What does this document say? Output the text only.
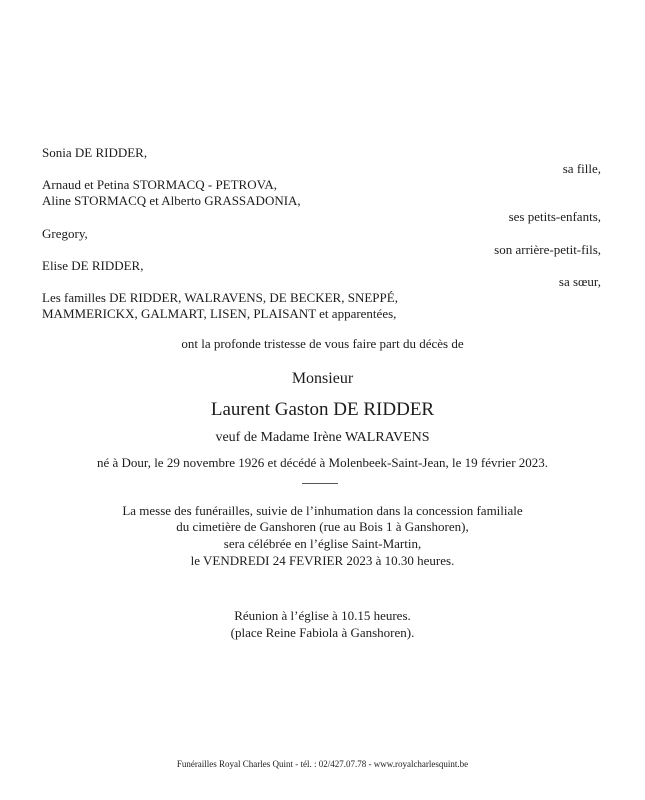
Sonia DE RIDDER,
sa fille,
Arnaud et Petina STORMACQ - PETROVA,
Aline STORMACQ et Alberto GRASSADONIA,
ses petits-enfants,
Gregory,
son arrière-petit-fils,
Elise DE RIDDER,
sa sœur,
Les familles DE RIDDER, WALRAVENS, DE BECKER, SNEPPÉ,
MAMMERICKX, GALMART, LISEN, PLAISANT et apparentées,
ont la profonde tristesse de vous faire part du décès de
Monsieur
Laurent Gaston DE RIDDER
veuf de Madame Irène WALRAVENS
né à Dour, le 29 novembre 1926 et décédé à Molenbeek-Saint-Jean, le 19 février 2023.
La messe des funérailles, suivie de l’inhumation dans la concession familiale
du cimetière de Ganshoren (rue au Bois 1 à Ganshoren),
sera célébrée en l’église Saint-Martin,
le VENDREDI 24 FEVRIER 2023 à 10.30 heures.
Réunion à l’église à 10.15 heures.
(place Reine Fabiola à Ganshoren).
Funérailles Royal Charles Quint - tél. : 02/427.07.78 - www.royalcharlesquint.be
